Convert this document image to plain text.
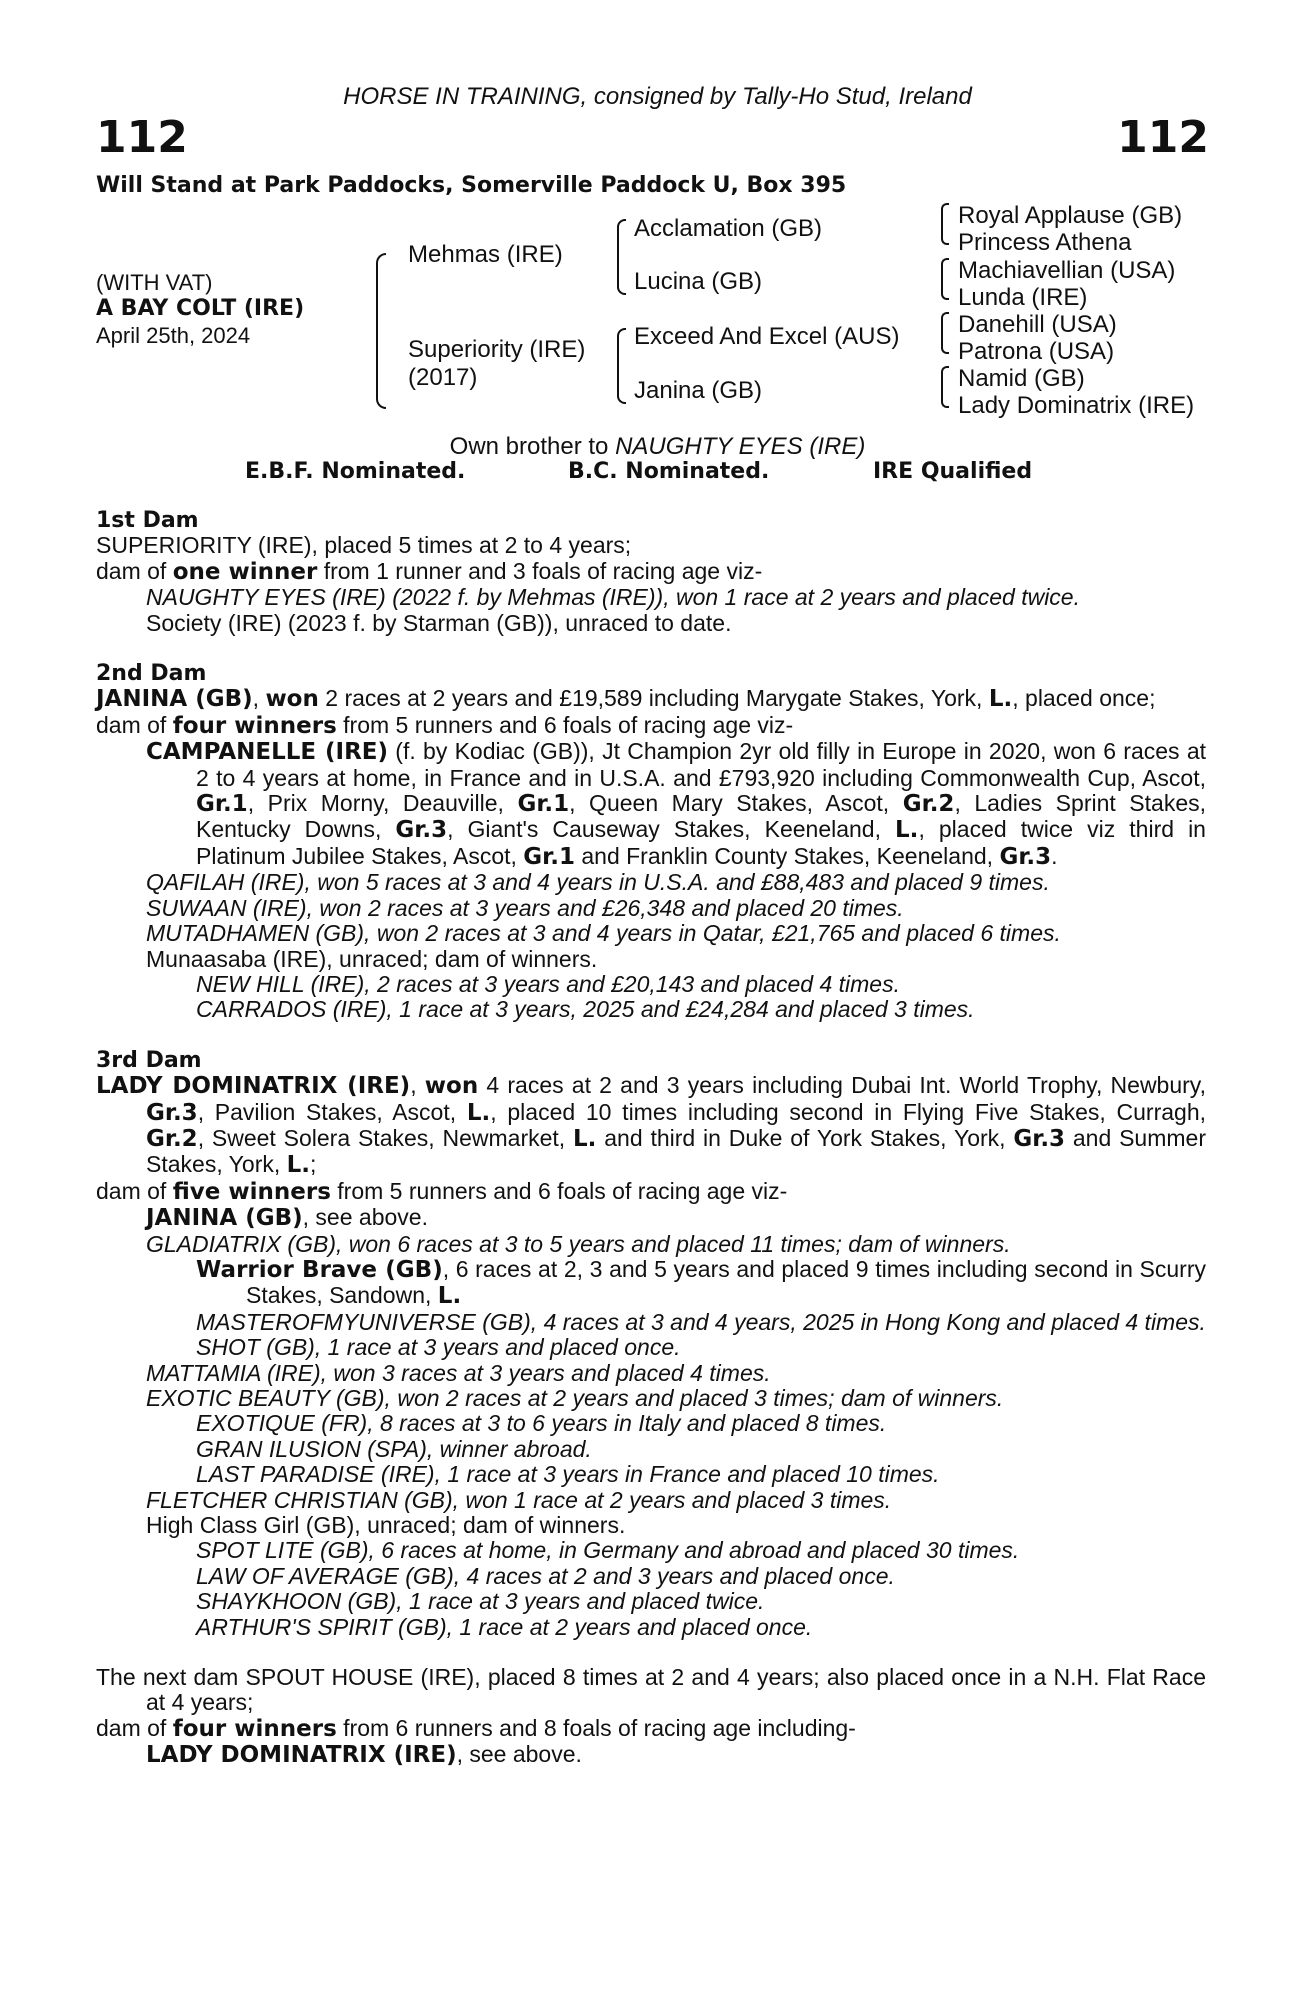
HORSE IN TRAINING, consigned by Tally-Ho Stud, Ireland
112	112
Will Stand at Park Paddocks, Somerville Paddock U, Box 395
(WITH VAT)
A BAY COLT (IRE)
April 25th, 2024
Mehmas (IRE)
Superiority (IRE)
(2017)
Acclamation (GB)
Lucina (GB)
Exceed And Excel (AUS)
Janina (GB)
Royal Applause (GB)
Princess Athena
Machiavellian (USA)
Lunda (IRE)
Danehill (USA)
Patrona (USA)
Namid (GB)
Lady Dominatrix (IRE)
Own brother to NAUGHTY EYES (IRE)
E.B.F. Nominated.	B.C. Nominated.	IRE Qualified
1st Dam
SUPERIORITY (IRE), placed 5 times at 2 to 4 years;
dam of one winner from 1 runner and 3 foals of racing age viz-
NAUGHTY EYES (IRE) (2022 f. by Mehmas (IRE)), won 1 race at 2 years and placed twice.
Society (IRE) (2023 f. by Starman (GB)), unraced to date.
2nd Dam
JANINA (GB), won 2 races at 2 years and £19,589 including Marygate Stakes, York, L., placed once;
dam of four winners from 5 runners and 6 foals of racing age viz-
CAMPANELLE (IRE) (f. by Kodiac (GB)), Jt Champion 2yr old filly in Europe in 2020, won 6 races at 2 to 4 years at home, in France and in U.S.A. and £793,920 including Commonwealth Cup, Ascot, Gr.1, Prix Morny, Deauville, Gr.1, Queen Mary Stakes, Ascot, Gr.2, Ladies Sprint Stakes, Kentucky Downs, Gr.3, Giant's Causeway Stakes, Keeneland, L., placed twice viz third in Platinum Jubilee Stakes, Ascot, Gr.1 and Franklin County Stakes, Keeneland, Gr.3.
QAFILAH (IRE), won 5 races at 3 and 4 years in U.S.A. and £88,483 and placed 9 times.
SUWAAN (IRE), won 2 races at 3 years and £26,348 and placed 20 times.
MUTADHAMEN (GB), won 2 races at 3 and 4 years in Qatar, £21,765 and placed 6 times.
Munaasaba (IRE), unraced; dam of winners.
NEW HILL (IRE), 2 races at 3 years and £20,143 and placed 4 times.
CARRADOS (IRE), 1 race at 3 years, 2025 and £24,284 and placed 3 times.
3rd Dam
LADY DOMINATRIX (IRE), won 4 races at 2 and 3 years including Dubai Int. World Trophy, Newbury, Gr.3, Pavilion Stakes, Ascot, L., placed 10 times including second in Flying Five Stakes, Curragh, Gr.2, Sweet Solera Stakes, Newmarket, L. and third in Duke of York Stakes, York, Gr.3 and Summer Stakes, York, L.;
dam of five winners from 5 runners and 6 foals of racing age viz-
JANINA (GB), see above.
GLADIATRIX (GB), won 6 races at 3 to 5 years and placed 11 times; dam of winners.
Warrior Brave (GB), 6 races at 2, 3 and 5 years and placed 9 times including second in Scurry Stakes, Sandown, L.
MASTEROFMYUNIVERSE (GB), 4 races at 3 and 4 years, 2025 in Hong Kong and placed 4 times.
SHOT (GB), 1 race at 3 years and placed once.
MATTAMIA (IRE), won 3 races at 3 years and placed 4 times.
EXOTIC BEAUTY (GB), won 2 races at 2 years and placed 3 times; dam of winners.
EXOTIQUE (FR), 8 races at 3 to 6 years in Italy and placed 8 times.
GRAN ILUSION (SPA), winner abroad.
LAST PARADISE (IRE), 1 race at 3 years in France and placed 10 times.
FLETCHER CHRISTIAN (GB), won 1 race at 2 years and placed 3 times.
High Class Girl (GB), unraced; dam of winners.
SPOT LITE (GB), 6 races at home, in Germany and abroad and placed 30 times.
LAW OF AVERAGE (GB), 4 races at 2 and 3 years and placed once.
SHAYKHOON (GB), 1 race at 3 years and placed twice.
ARTHUR'S SPIRIT (GB), 1 race at 2 years and placed once.
The next dam SPOUT HOUSE (IRE), placed 8 times at 2 and 4 years; also placed once in a N.H. Flat Race at 4 years;
dam of four winners from 6 runners and 8 foals of racing age including-
LADY DOMINATRIX (IRE), see above.
